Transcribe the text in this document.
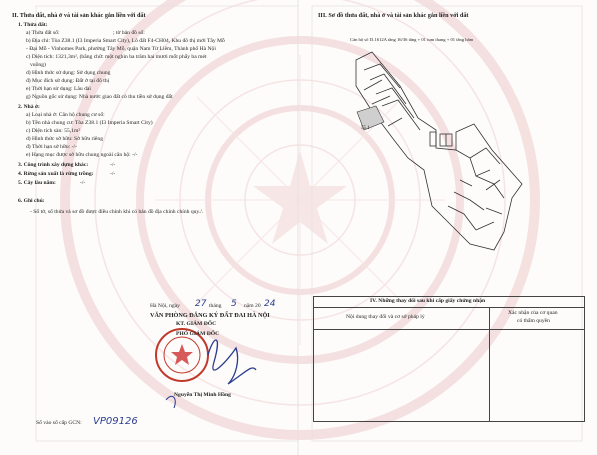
II. Thửa đất, nhà ở và tài sản khác gắn liền với đất
1. Thửa đất:
a) Thửa đất số:	; tờ bản đồ số:
b) Địa chỉ: Tòa Z38.1 (I3 Imperia Smart City), Lô đất F4-CH04, Khu đô thị mới Tây Mỗ
- Đại Mỗ - Vinhomes Park, phường Tây Mỗ, quận Nam Từ Liêm, Thành phố Hà Nội
c) Diện tích: 1321,3m², (bằng chữ: một nghìn ba trăm hai mươi mốt phẩy ba mét
vuông)
d) Hình thức sử dụng: Sử dụng chung
đ) Mục đích sử dụng: Đất ở tại đô thị
e) Thời hạn sử dụng: Lâu dài
g) Nguồn gốc sử dụng: Nhà nước giao đất có thu tiền sử dụng đất
2. Nhà ở:
a) Loại nhà ở: Căn hộ chung cư số:
b) Tên nhà chung cư: Tòa Z38.1 (I3 Imperia Smart City)
c) Diện tích sàn: 55,1m²
d) Hình thức sở hữu: Sở hữu riêng
đ) Thời hạn sở hữu: -/-
e) Hạng mục được sở hữu chung ngoài căn hộ: -/-
3. Công trình xây dựng khác:	-/-
4. Rừng sản xuất là rừng trồng:	-/-
5. Cây lâu năm:	-/-
6. Ghi chú:
- Số tờ, số thửa và sơ đồ được điều chỉnh khi có bản đồ địa chính chính quy./.
Hà Nội, ngày 27 tháng 5 năm 20 24
VĂN PHÒNG ĐĂNG KÝ ĐẤT ĐAI HÀ NỘI
KT. GIÁM ĐỐC
PHÓ GIÁM ĐỐC
Nguyễn Thị Minh Hồng
Số vào sổ cấp GCN: VP09126
III. Sơ đồ thửa đất, nhà ở và tài sản khác gắn liền với đất
Căn hộ số I3.1612A tầng 16/36 tầng + 01 tum thang + 01 tầng hầm
55.1
IV. Những thay đổi sau khi cấp giấy chứng nhận
Nội dung thay đổi và cơ sở pháp lý
Xác nhận của cơ quan
có thẩm quyền
